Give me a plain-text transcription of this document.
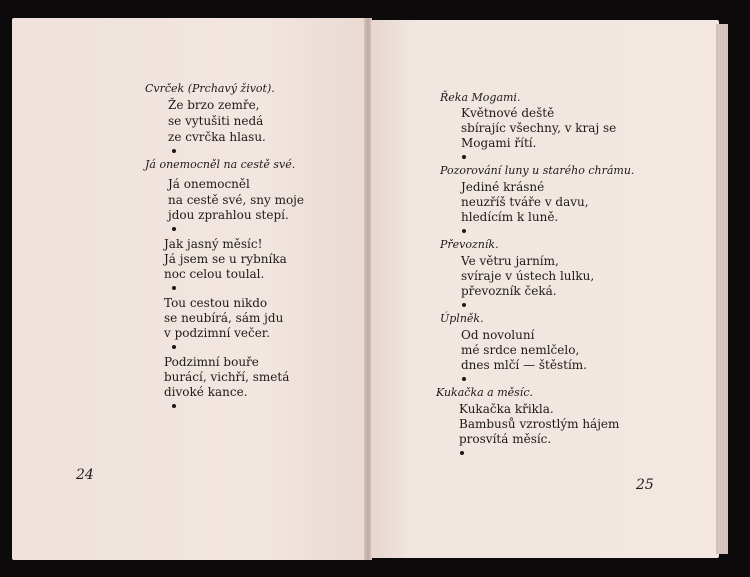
Cvrček (Prchavý život).
Že brzo zemře,
se vytušiti nedá
ze cvrčka hlasu.
Já onemocněl na cestě své.
Já onemocněl
na cestě své, sny moje
jdou zprahlou stepí.
Jak jasný měsíc!
Já jsem se u rybníka
noc celou toulal.
Tou cestou nikdo
se neubírá, sám jdu
v podzimní večer.
Podzimní bouře
burácí, vichří, smetá
divoké kance.
24
Řeka Mogami.
Květnové deště
sbírajíc všechny, v kraj se
Mogami řítí.
Pozorování luny u starého chrámu.
Jediné krásné
neuzříš tváře v davu,
hledícím k luně.
Převozník.
Ve větru jarním,
svíraje v ústech lulku,
převozník čeká.
Úplněk.
Od novoluní
mé srdce nemlčelo,
dnes mlčí — štěstím.
Kukačka a měsíc.
Kukačka křikla.
Bambusů vzrostlým hájem
prosvítá měsíc.
25
